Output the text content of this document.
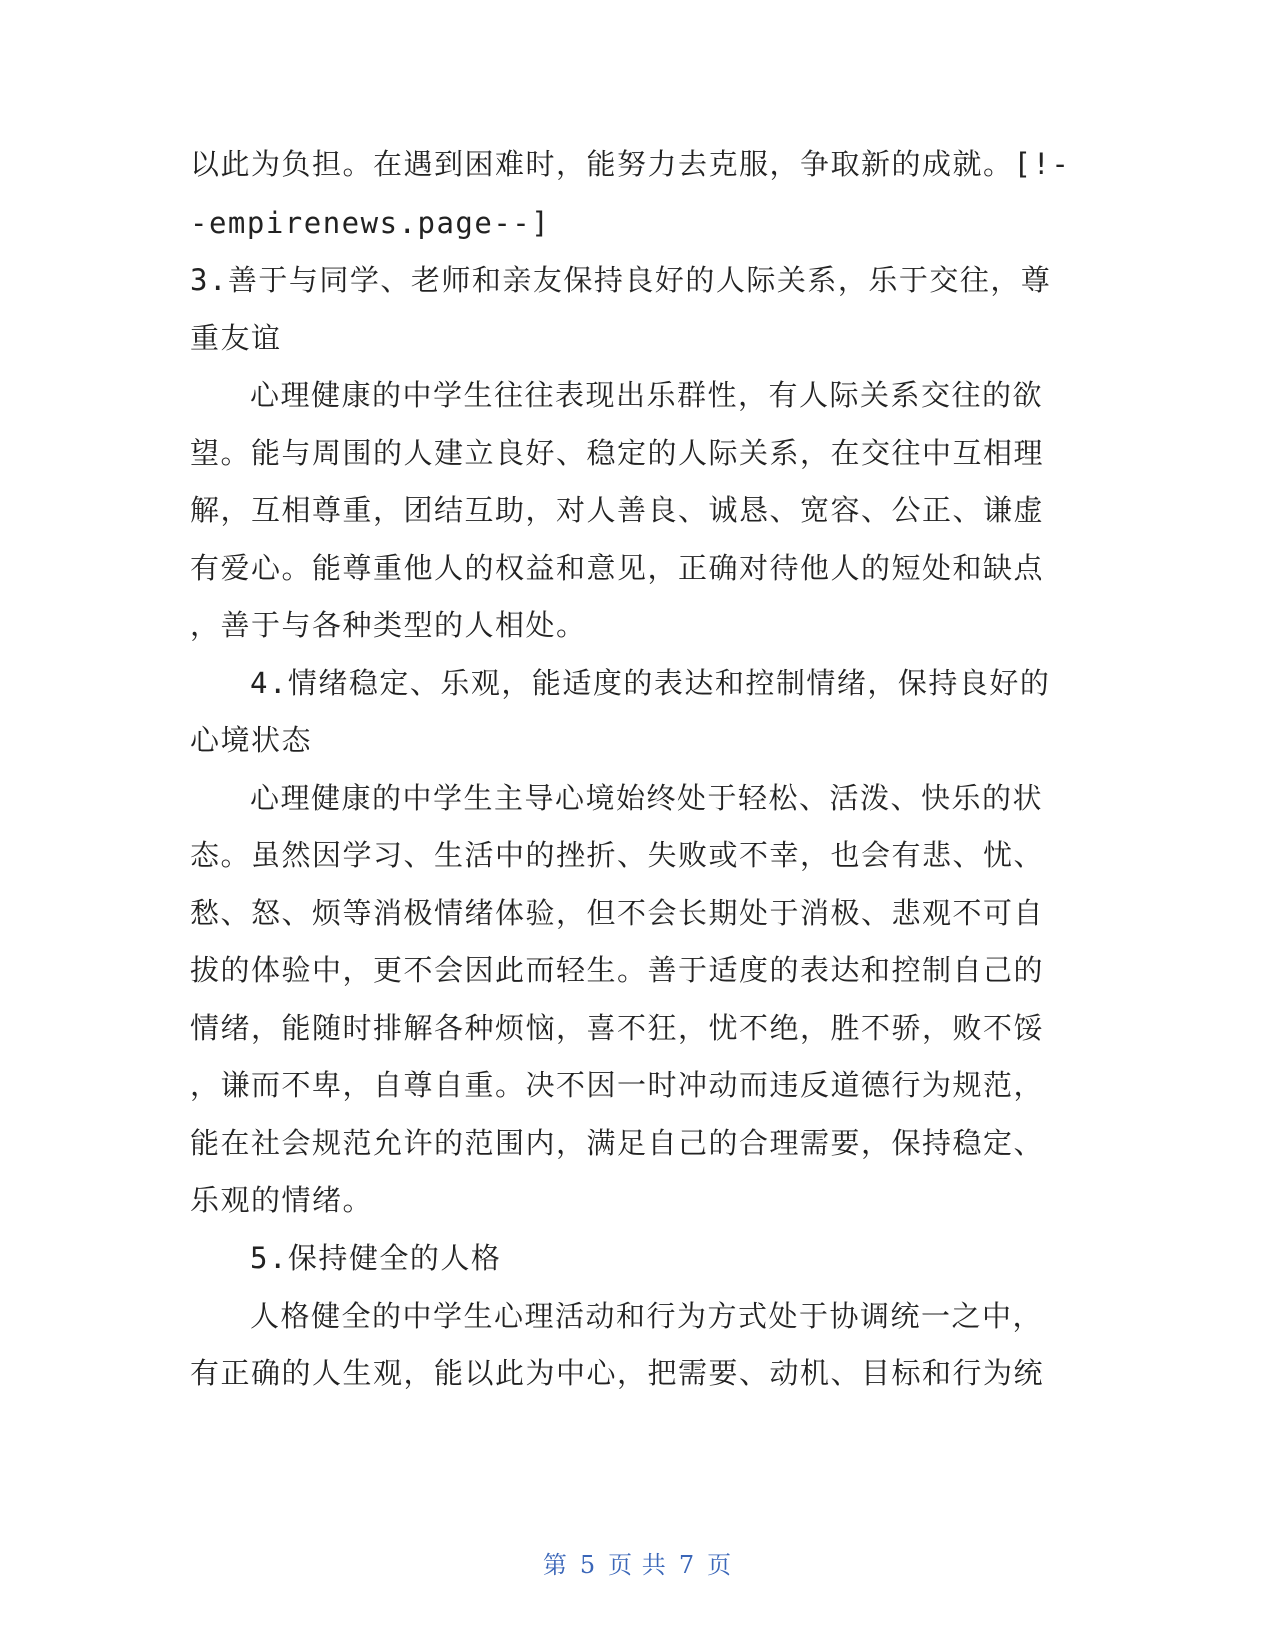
以此为负担。在遇到困难时，能努力去克服，争取新的成就。[!-
-empirenews.page--]
3.善于与同学、老师和亲友保持良好的人际关系，乐于交往，尊
重友谊
心理健康的中学生往往表现出乐群性，有人际关系交往的欲
望。能与周围的人建立良好、稳定的人际关系，在交往中互相理
解，互相尊重，团结互助，对人善良、诚恳、宽容、公正、谦虚
有爱心。能尊重他人的权益和意见，正确对待他人的短处和缺点
，善于与各种类型的人相处。
4.情绪稳定、乐观，能适度的表达和控制情绪，保持良好的
心境状态
心理健康的中学生主导心境始终处于轻松、活泼、快乐的状
态。虽然因学习、生活中的挫折、失败或不幸，也会有悲、忧、
愁、怒、烦等消极情绪体验，但不会长期处于消极、悲观不可自
拔的体验中，更不会因此而轻生。善于适度的表达和控制自己的
情绪，能随时排解各种烦恼，喜不狂，忧不绝，胜不骄，败不馁
，谦而不卑，自尊自重。决不因一时冲动而违反道德行为规范，
能在社会规范允许的范围内，满足自己的合理需要，保持稳定、
乐观的情绪。
5.保持健全的人格
人格健全的中学生心理活动和行为方式处于协调统一之中，
有正确的人生观，能以此为中心，把需要、动机、目标和行为统
第 5 页 共 7 页
